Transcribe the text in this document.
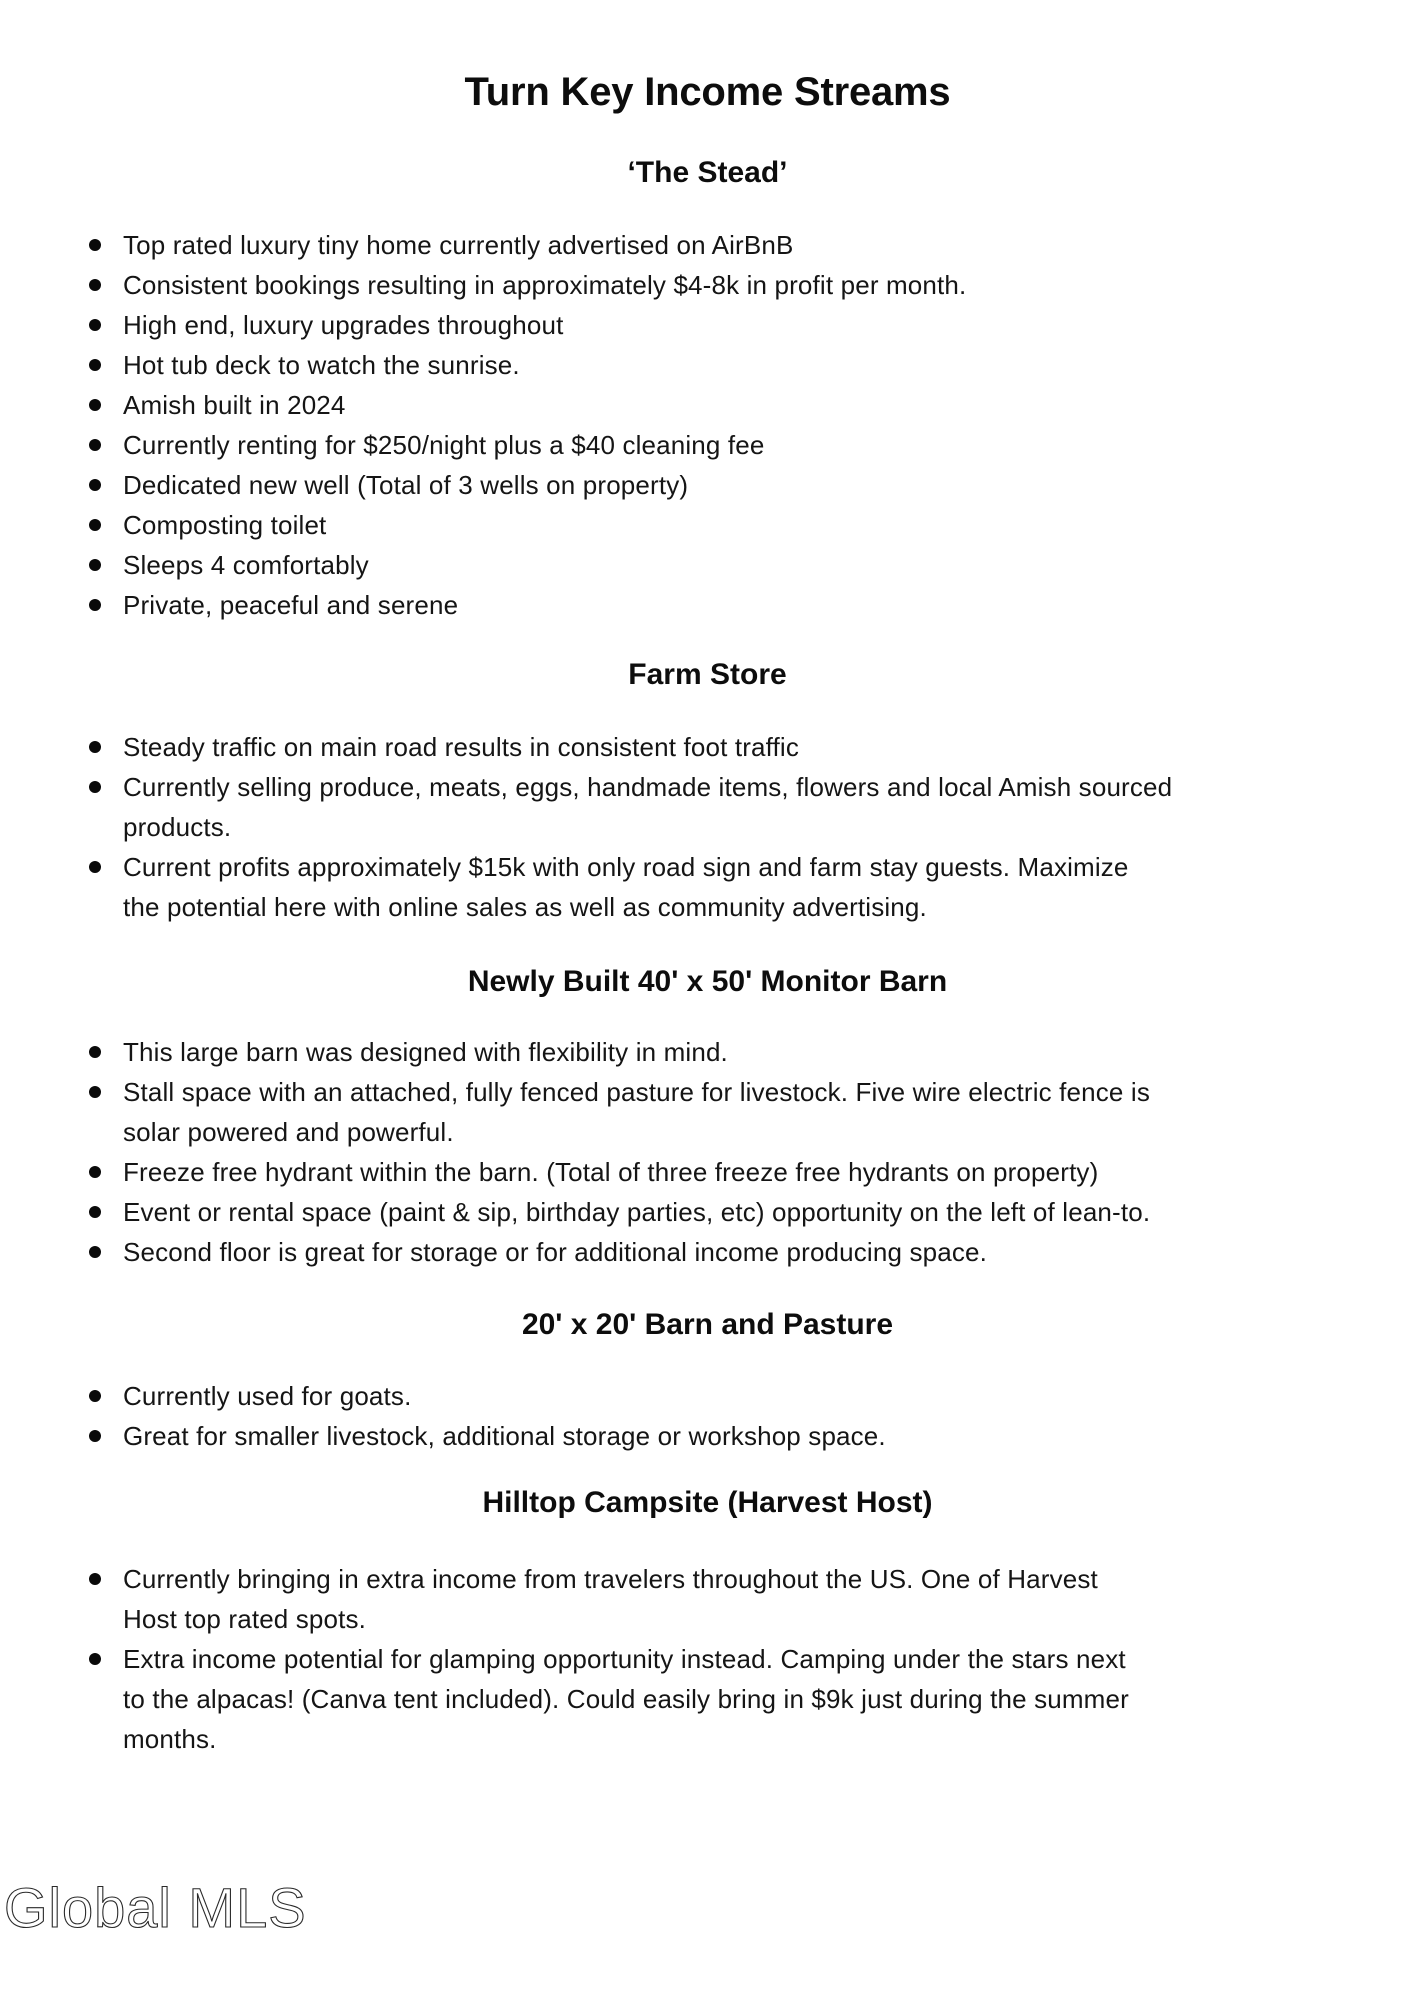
Turn Key Income Streams
‘The Stead’
Top rated luxury tiny home currently advertised on AirBnB
Consistent bookings resulting in approximately $4-8k in profit per month.
High end, luxury upgrades throughout
Hot tub deck to watch the sunrise.
Amish built in 2024
Currently renting for $250/night plus a $40 cleaning fee
Dedicated new well (Total of 3 wells on property)
Composting toilet
Sleeps 4 comfortably
Private, peaceful and serene
Farm Store
Steady traffic on main road results in consistent foot traffic
Currently selling produce, meats, eggs, handmade items, flowers and local Amish sourced
products.
Current profits approximately $15k with only road sign and farm stay guests. Maximize
the potential here with online sales as well as community advertising.
Newly Built 40' x 50' Monitor Barn
This large barn was designed with flexibility in mind.
Stall space with an attached, fully fenced pasture for livestock. Five wire electric fence is
solar powered and powerful.
Freeze free hydrant within the barn. (Total of three freeze free hydrants on property)
Event or rental space (paint & sip, birthday parties, etc) opportunity on the left of lean-to.
Second floor is great for storage or for additional income producing space.
20' x 20' Barn and Pasture
Currently used for goats.
Great for smaller livestock, additional storage or workshop space.
Hilltop Campsite (Harvest Host)
Currently bringing in extra income from travelers throughout the US. One of Harvest
Host top rated spots.
Extra income potential for glamping opportunity instead. Camping under the stars next
to the alpacas! (Canva tent included). Could easily bring in $9k just during the summer
months.
Global MLS
